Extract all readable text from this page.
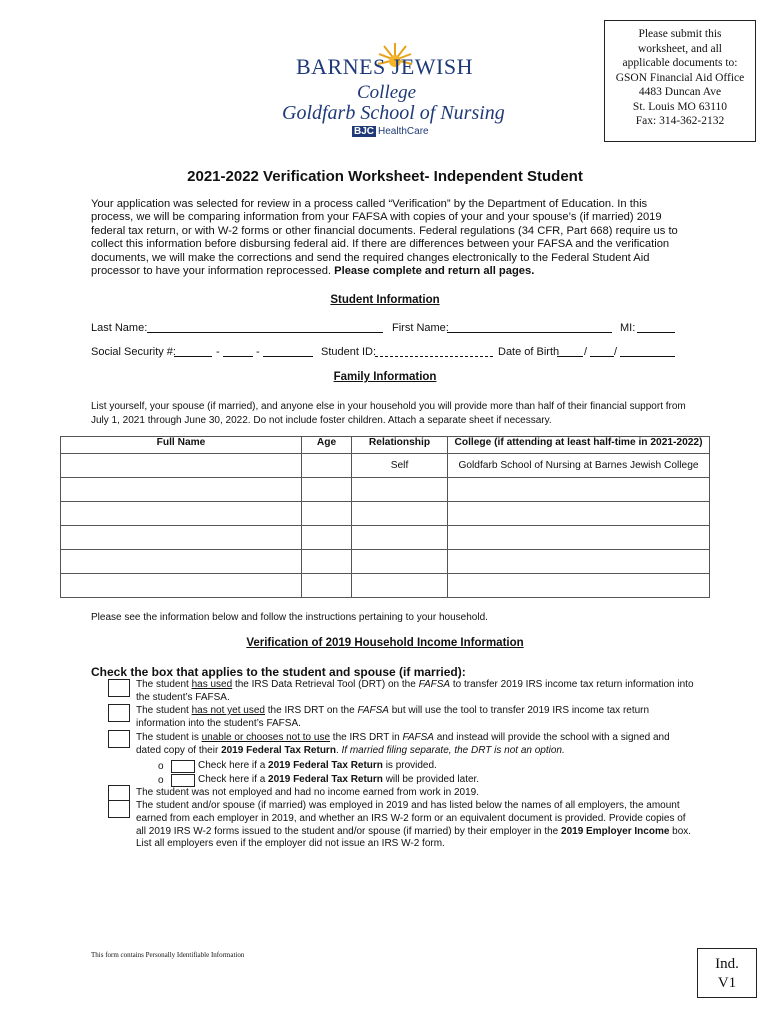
BARNES JEWISH
College
Goldfarb School of Nursing
BJC HealthCare
Please submit this
worksheet, and all
applicable documents to:
GSON Financial Aid Office
4483 Duncan Ave
St. Louis MO 63110
Fax: 314-362-2132
2021-2022 Verification Worksheet- Independent Student
Your application was selected for review in a process called “Verification” by the Department of Education. In this process, we will be comparing information from your FAFSA with copies of your and your spouse’s (if married) 2019 federal tax return, or with W-2 forms or other financial documents. Federal regulations (34 CFR, Part 668) require us to collect this information before disbursing federal aid. If there are differences between your FAFSA and the verification documents, we will make the corrections and send the required changes electronically to the Federal Student Aid processor to have your information reprocessed. Please complete and return all pages.
Student Information
Last Name:	First Name:	MI:
Social Security #:	-	-	Student ID:	Date of Birth / /
Family Information
List yourself, your spouse (if married), and anyone else in your household you will provide more than half of their financial support from July 1, 2021 through June 30, 2022. Do not include foster children. Attach a separate sheet if necessary.
Full Name	Age	Relationship	College (if attending at least half-time in 2021-2022)
		Self	Goldfarb School of Nursing at Barnes Jewish College

Please see the information below and follow the instructions pertaining to your household.
Verification of 2019 Household Income Information
Check the box that applies to the student and spouse (if married):
The student has used the IRS Data Retrieval Tool (DRT) on the FAFSA to transfer 2019 IRS income tax return information into the student’s FAFSA.
The student has not yet used the IRS DRT on the FAFSA but will use the tool to transfer 2019 IRS income tax return information into the student’s FAFSA.
The student is unable or chooses not to use the IRS DRT in FAFSA and instead will provide the school with a signed and dated copy of their 2019 Federal Tax Return. If married filing separate, the DRT is not an option.
o	Check here if a 2019 Federal Tax Return is provided.
o	Check here if a 2019 Federal Tax Return will be provided later.
The student was not employed and had no income earned from work in 2019.
The student and/or spouse (if married) was employed in 2019 and has listed below the names of all employers, the amount earned from each employer in 2019, and whether an IRS W-2 form or an equivalent document is provided. Provide copies of all 2019 IRS W-2 forms issued to the student and/or spouse (if married) by their employer in the 2019 Employer Income box. List all employers even if the employer did not issue an IRS W-2 form.
This form contains Personally Identifiable Information
Ind.
V1
